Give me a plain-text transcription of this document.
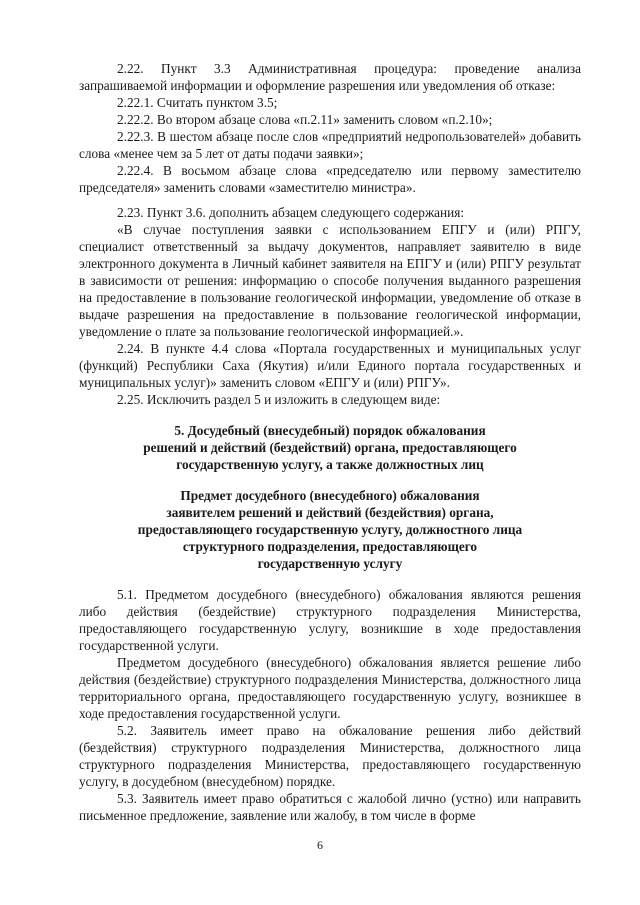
2.22. Пункт 3.3 Административная процедура: проведение анализа запрашиваемой информации и оформление разрешения или уведомления об отказе:

2.22.1. Считать пунктом 3.5;

2.22.2. Во втором абзаце слова «п.2.11» заменить словом «п.2.10»;

2.22.3. В шестом абзаце после слов «предприятий недропользователей» добавить слова «менее чем за 5 лет от даты подачи заявки»;

2.22.4. В восьмом абзаце слова «председателю или первому заместителю председателя» заменить словами «заместителю министра».

2.23. Пункт 3.6. дополнить абзацем следующего содержания:

«В случае поступления заявки с использованием ЕПГУ и (или) РПГУ, специалист ответственный за выдачу документов, направляет заявителю в виде электронного документа в Личный кабинет заявителя на ЕПГУ и (или) РПГУ результат в зависимости от решения: информацию о способе получения выданного разрешения на предоставление в пользование геологической информации, уведомление об отказе в выдаче разрешения на предоставление в пользование геологической информации, уведомление о плате за пользование геологической информацией.».

2.24. В пункте 4.4 слова «Портала государственных и муниципальных услуг (функций) Республики Саха (Якутия) и/или Единого портала государственных и муниципальных услуг)» заменить словом «ЕПГУ и (или) РПГУ».

2.25. Исключить раздел 5 и изложить в следующем виде:

5. Досудебный (внесудебный) порядок обжалования

решений и действий (бездействий) органа, предоставляющего

государственную услугу, а также должностных лиц

Предмет досудебного (внесудебного) обжалования

заявителем решений и действий (бездействия) органа,

предоставляющего государственную услугу, должностного лица

структурного подразделения, предоставляющего

государственную услугу

5.1. Предметом досудебного (внесудебного) обжалования являются решения либо действия (бездействие) структурного подразделения Министерства, предоставляющего государственную услугу, возникшие в ходе предоставления государственной услуги.

Предметом досудебного (внесудебного) обжалования является решение либо действия (бездействие) структурного подразделения Министерства, должностного лица территориального органа, предоставляющего государственную услугу, возникшее в ходе предоставления государственной услуги.

5.2. Заявитель имеет право на обжалование решения либо действий (бездействия) структурного подразделения Министерства, должностного лица структурного подразделения Министерства, предоставляющего государственную услугу, в досудебном (внесудебном) порядке.

5.3. Заявитель имеет право обратиться с жалобой лично (устно) или направить письменное предложение, заявление или жалобу, в том числе в форме

6
